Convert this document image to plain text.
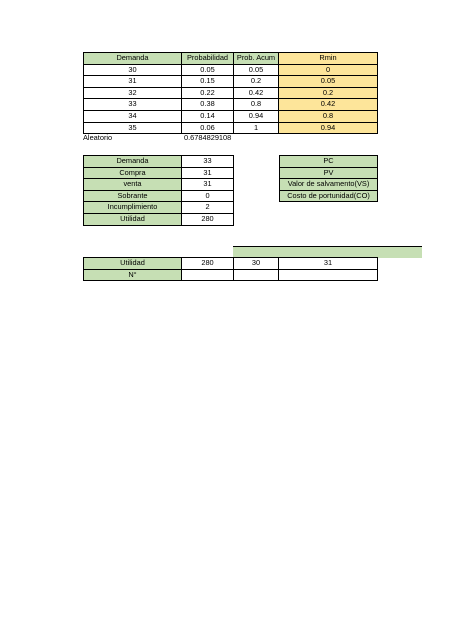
Demanda	Probabilidad	Prob. Acum	Rmin
30	0.05	0.05	0
31	0.15	0.2	0.05
32	0.22	0.42	0.2
33	0.38	0.8	0.42
34	0.14	0.94	0.8
35	0.06	1	0.94
Aleatorio	0.6784829108
Demanda	33
Compra	31
venta	31
Sobrante	0
Incumplimiento	2
Utilidad	280
PC
PV
Valor de salvamento(VS)
Costo de portunidad(CO)
Utilidad	280	30	31
N°			
